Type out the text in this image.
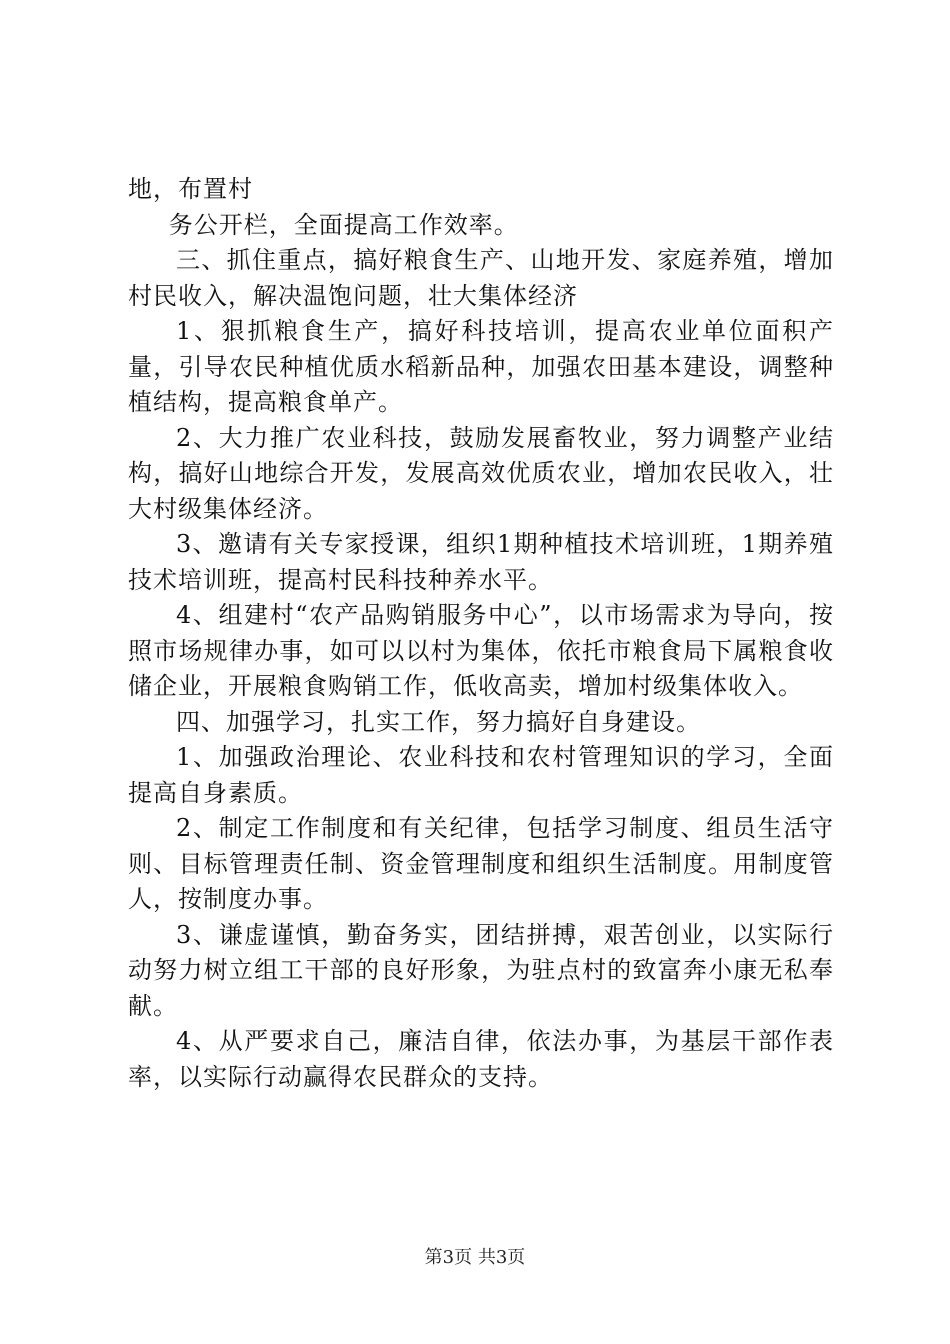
地，布置村

务公开栏，全面提高工作效率。

三、抓住重点，搞好粮食生产、山地开发、家庭养殖，增加村民收入，解决温饱问题，壮大集体经济

1、狠抓粮食生产，搞好科技培训，提高农业单位面积产量，引导农民种植优质水稻新品种，加强农田基本建设，调整种植结构，提高粮食单产。

2、大力推广农业科技，鼓励发展畜牧业，努力调整产业结构，搞好山地综合开发，发展高效优质农业，增加农民收入，壮大村级集体经济。

3、邀请有关专家授课，组织1期种植技术培训班，1期养殖技术培训班，提高村民科技种养水平。

4、组建村“农产品购销服务中心”，以市场需求为导向，按照市场规律办事，如可以以村为集体，依托市粮食局下属粮食收储企业，开展粮食购销工作，低收高卖，增加村级集体收入。

四、加强学习，扎实工作，努力搞好自身建设。

1、加强政治理论、农业科技和农村管理知识的学习，全面提高自身素质。

2、制定工作制度和有关纪律，包括学习制度、组员生活守则、目标管理责任制、资金管理制度和组织生活制度。用制度管人，按制度办事。

3、谦虚谨慎，勤奋务实，团结拼搏，艰苦创业，以实际行动努力树立组工干部的良好形象，为驻点村的致富奔小康无私奉献。

4、从严要求自己，廉洁自律，依法办事，为基层干部作表率，以实际行动赢得农民群众的支持。

第3页 共3页
